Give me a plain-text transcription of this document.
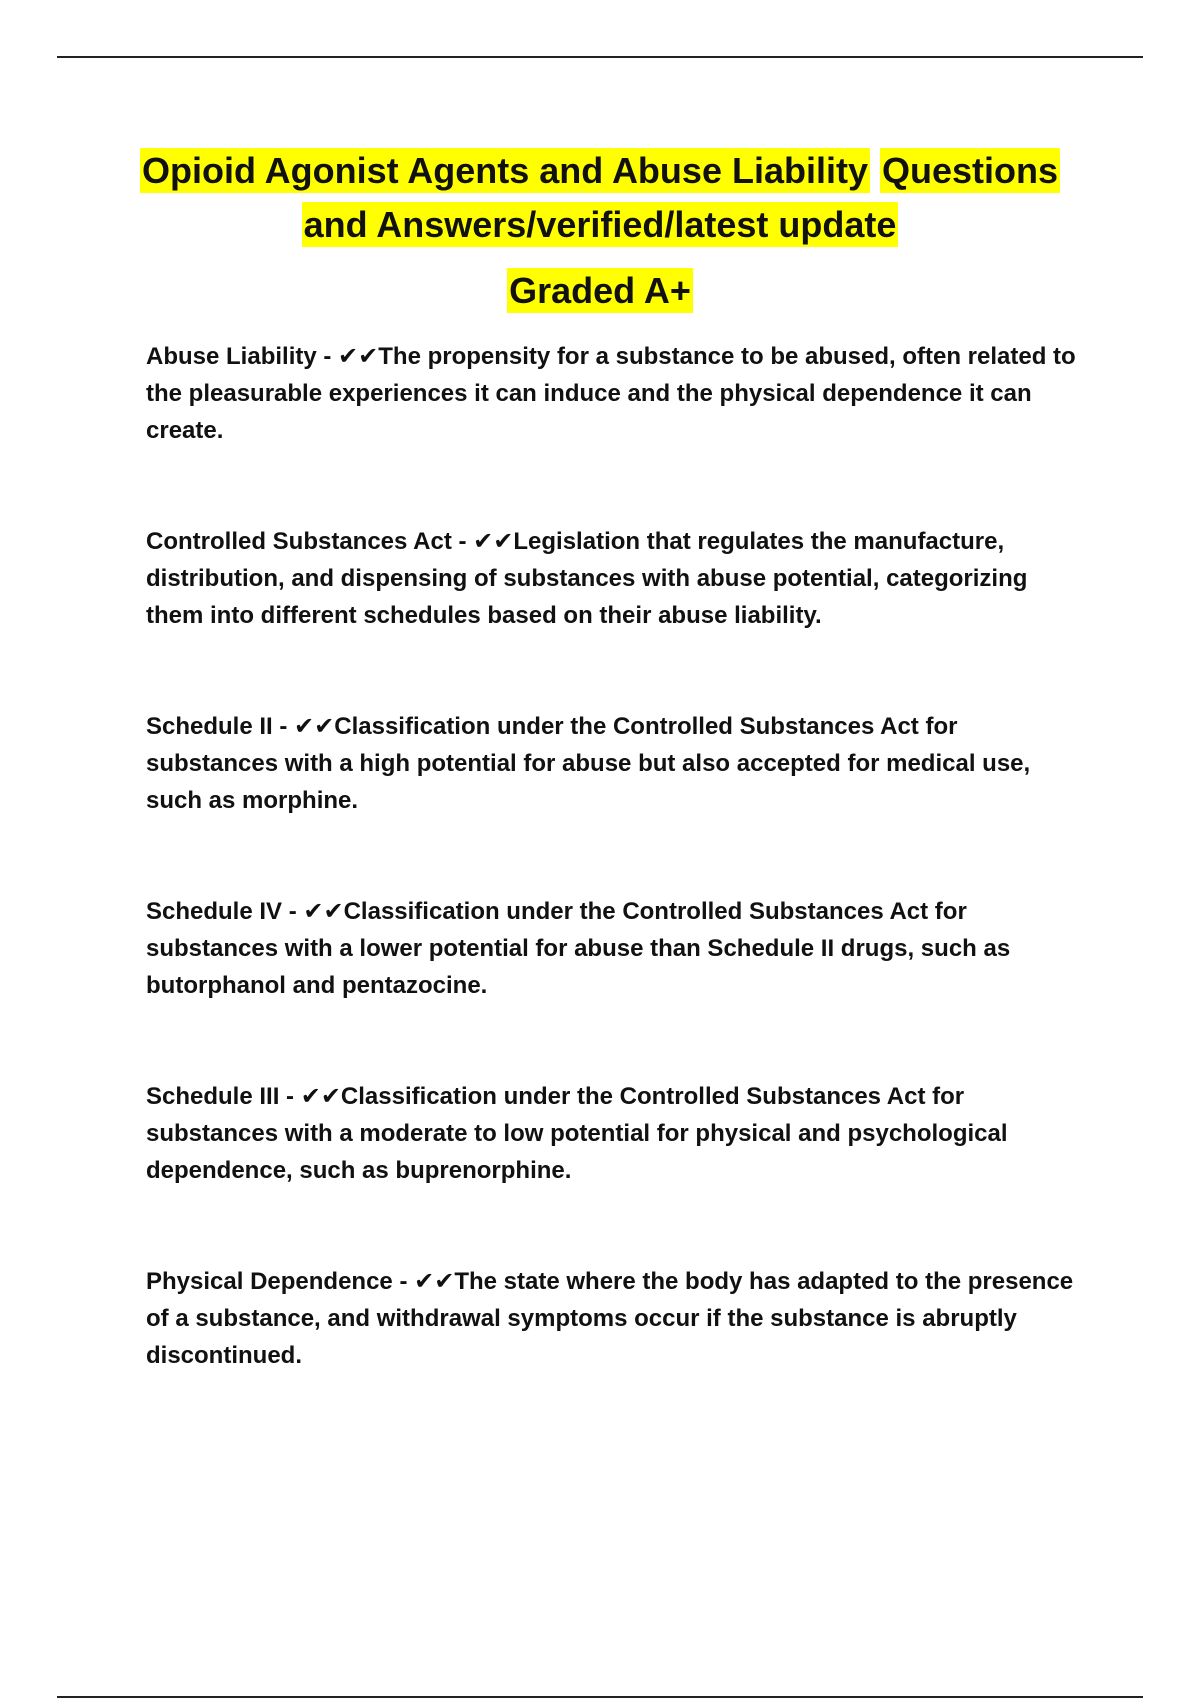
Opioid Agonist Agents and Abuse Liability Questions
and Answers/verified/latest update
Graded A+
Abuse Liability - ✔✔The propensity for a substance to be abused, often related to the pleasurable experiences it can induce and the physical dependence it can create.
Controlled Substances Act - ✔✔Legislation that regulates the manufacture, distribution, and dispensing of substances with abuse potential, categorizing them into different schedules based on their abuse liability.
Schedule II - ✔✔Classification under the Controlled Substances Act for substances with a high potential for abuse but also accepted for medical use, such as morphine.
Schedule IV - ✔✔Classification under the Controlled Substances Act for substances with a lower potential for abuse than Schedule II drugs, such as butorphanol and pentazocine.
Schedule III - ✔✔Classification under the Controlled Substances Act for substances with a moderate to low potential for physical and psychological dependence, such as buprenorphine.
Physical Dependence - ✔✔The state where the body has adapted to the presence of a substance, and withdrawal symptoms occur if the substance is abruptly discontinued.
